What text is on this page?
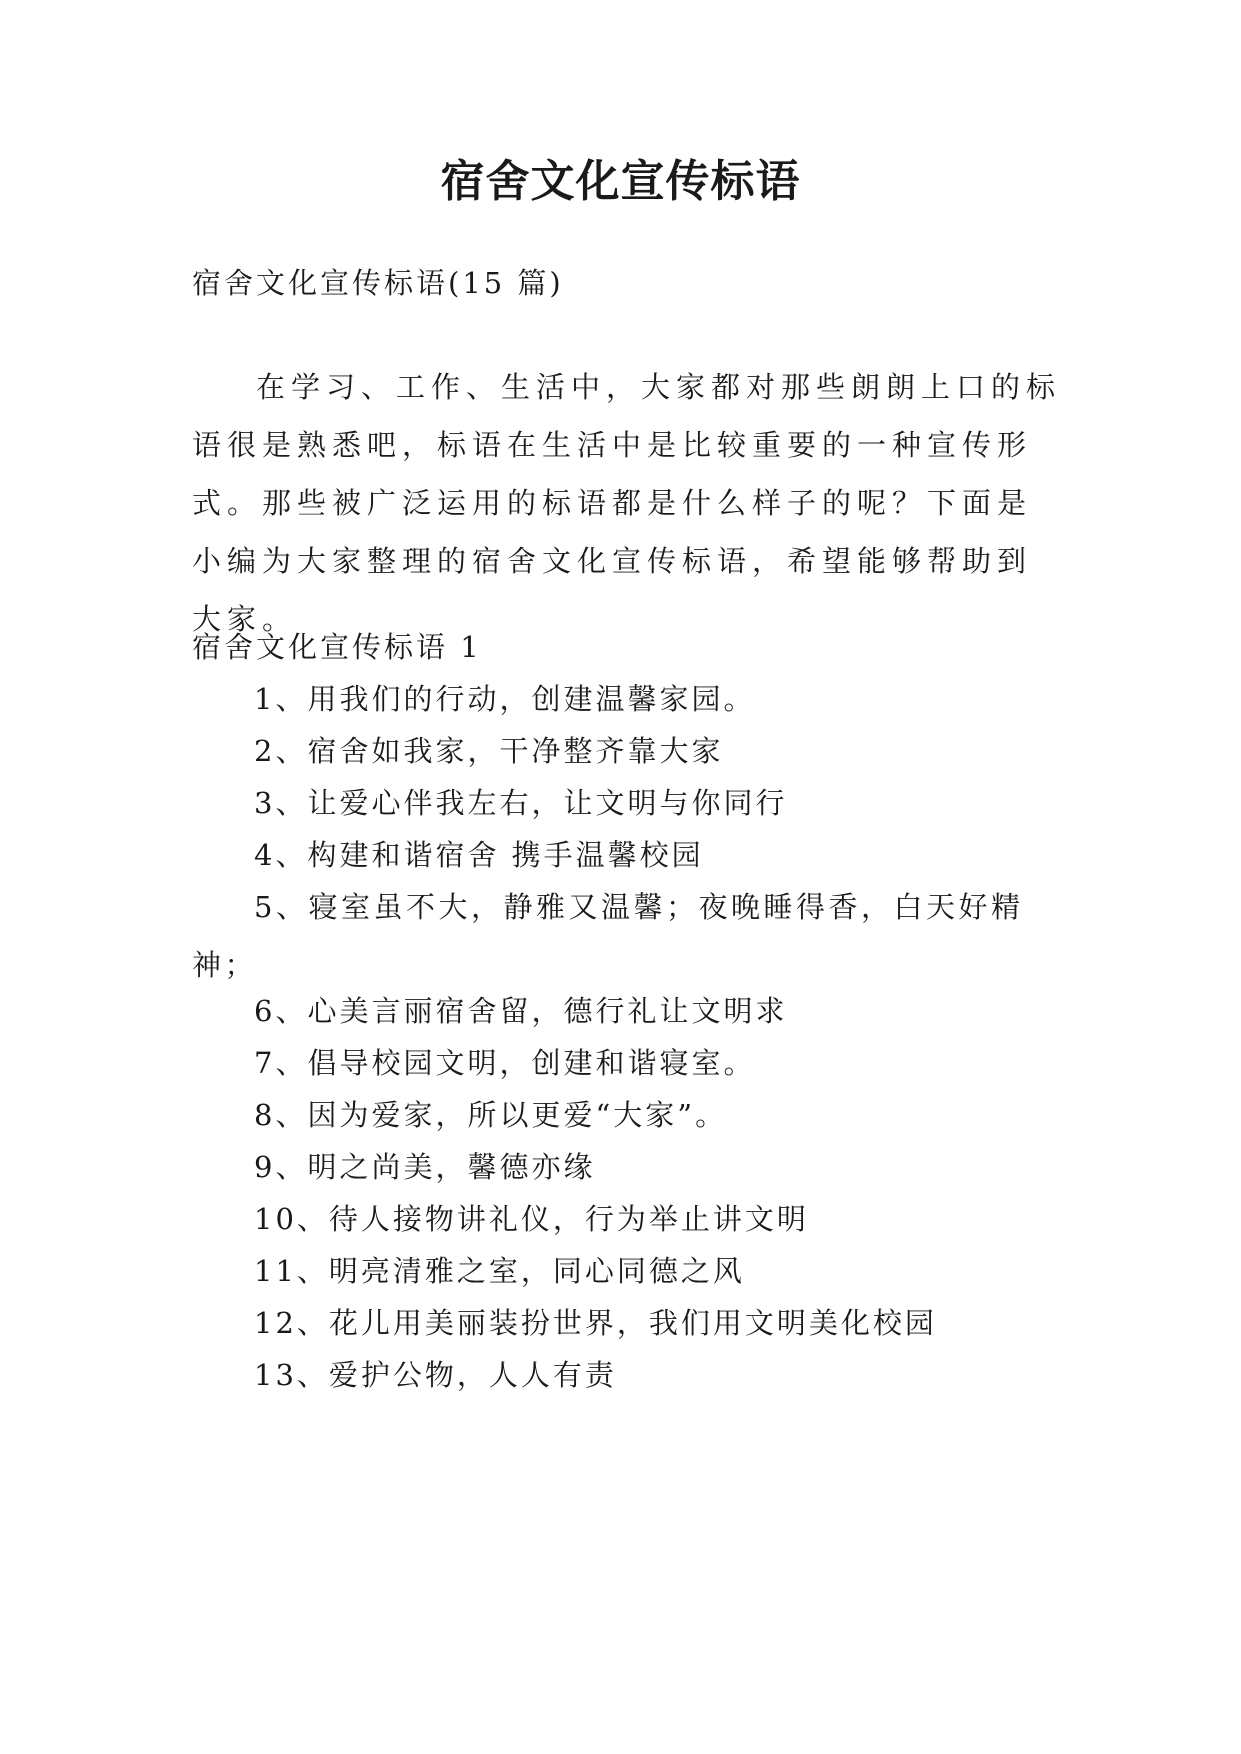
宿舍文化宣传标语
宿舍文化宣传标语(15 篇)
在学习、工作、生活中，大家都对那些朗朗上口的标语很是熟悉吧，标语在生活中是比较重要的一种宣传形式。那些被广泛运用的标语都是什么样子的呢？下面是小编为大家整理的宿舍文化宣传标语，希望能够帮助到大家。
宿舍文化宣传标语 1
1、用我们的行动，创建温馨家园。
2、宿舍如我家，干净整齐靠大家
3、让爱心伴我左右，让文明与你同行
4、构建和谐宿舍 携手温馨校园
5、寝室虽不大，静雅又温馨；夜晚睡得香，白天好精神；
6、心美言丽宿舍留，德行礼让文明求
7、倡导校园文明，创建和谐寝室。
8、因为爱家，所以更爱“大家”。
9、明之尚美，馨德亦缘
10、待人接物讲礼仪，行为举止讲文明
11、明亮清雅之室，同心同德之风
12、花儿用美丽装扮世界，我们用文明美化校园
13、爱护公物，人人有责
